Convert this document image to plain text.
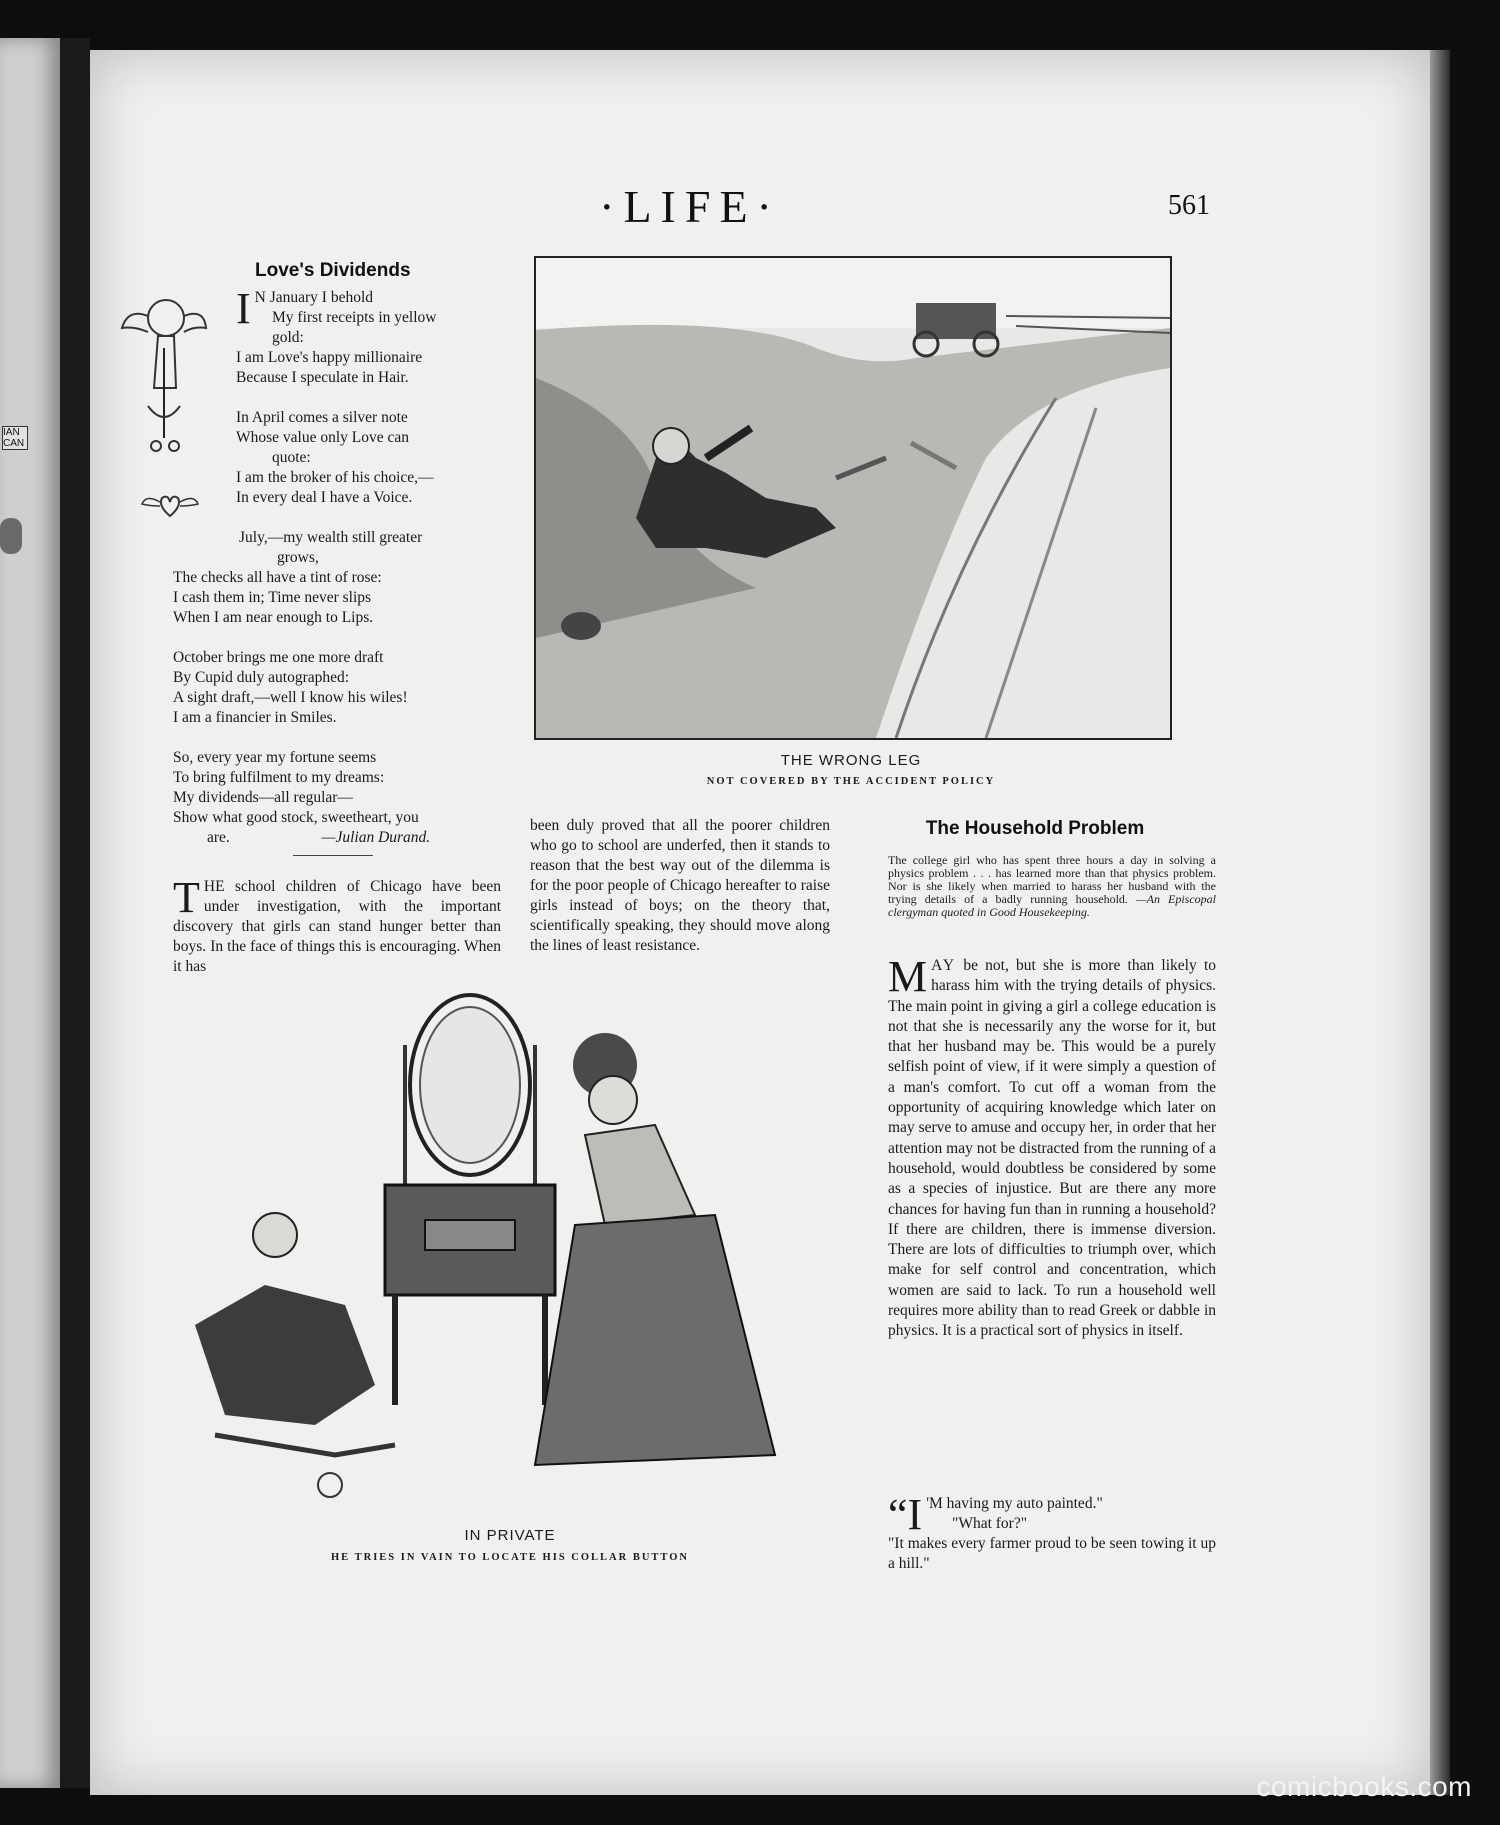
IAN
CAN
·LIFE·	561
Love's Dividends

I N January I behold

My first receipts in yellow

gold:

I am Love's happy millionaire

Because I speculate in Hair.

In April comes a silver note

Whose value only Love can

quote:

I am the broker of his choice,—

In every deal I have a Voice.

July,—my wealth still greater

grows,

The checks all have a tint of rose:

I cash them in; Time never slips

When I am near enough to Lips.

October brings me one more draft

By Cupid duly autographed:

A sight draft,—well I know his wiles!

I am a financier in Smiles.

So, every year my fortune seems

To bring fulfilment to my dreams:

My dividends—all regular—

Show what good stock, sweetheart, you

are.	—Julian Durand.

THE WRONG LEG
NOT COVERED BY THE ACCIDENT POLICY
THE school children of Chicago have been under investigation, with the important discovery that girls can stand hunger better than boys. In the face of things this is encouraging. When it has
been duly proved that all the poorer children who go to school are underfed, then it stands to reason that the best way out of the dilemma is for the poor people of Chicago hereafter to raise girls instead of boys; on the theory that, scientifically speaking, they should move along the lines of least resistance.
The Household Problem
The college girl who has spent three hours a day in solving a physics problem . . . has learned more than that physics problem. Nor is she likely when married to harass her husband with the trying details of a badly running household. —An Episcopal clergyman quoted in Good Housekeeping.
MAY be not, but she is more than likely to harass him with the trying details of physics. The main point in giving a girl a college education is not that she is necessarily any the worse for it, but that her husband may be. This would be a purely selfish point of view, if it were simply a question of a man's comfort. To cut off a woman from the opportunity of acquiring knowledge which later on may serve to amuse and occupy her, in order that her attention may not be distracted from the running of a household, would doubtless be considered by some as a species of injustice. But are there any more chances for having fun than in running a household? If there are children, there is immense diversion. There are lots of difficulties to triumph over, which make for self control and concentration, which women are said to lack. To run a household well requires more ability than to read Greek or dabble in physics. It is a practical sort of physics in itself.

“I 'M having my auto painted."

"What for?"

"It makes every farmer proud to be seen towing it up a hill."

IN PRIVATE
HE TRIES IN VAIN TO LOCATE HIS COLLAR BUTTON
comicbooks.com
